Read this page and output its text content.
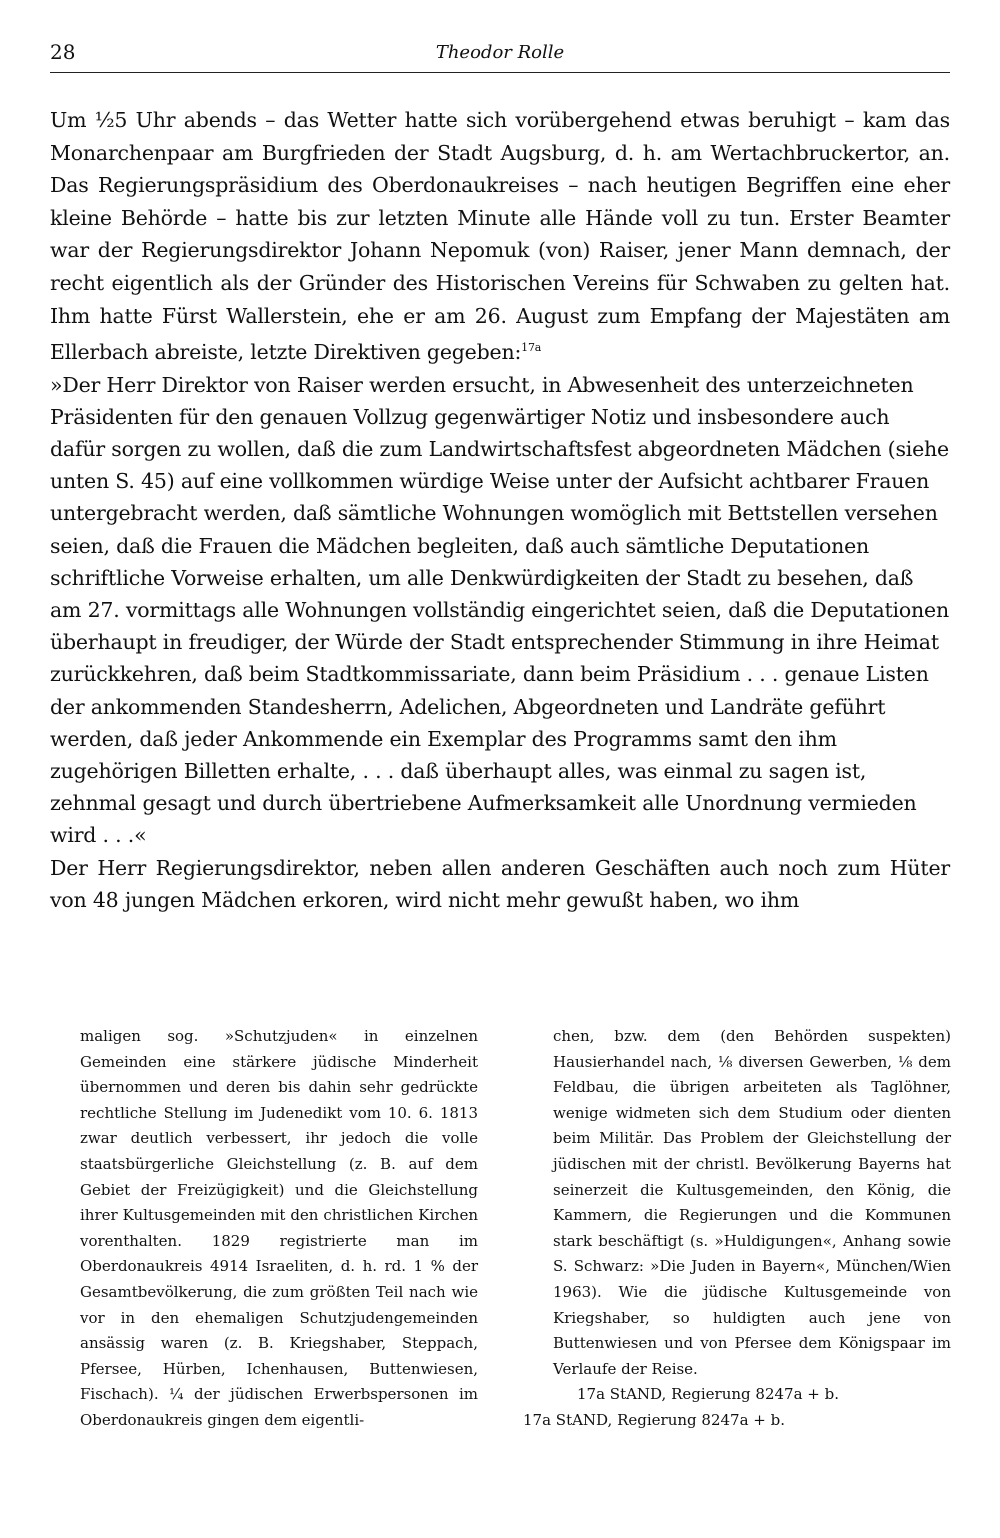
28	Theodor Rolle

Um ½5 Uhr abends – das Wetter hatte sich vorübergehend etwas beruhigt – kam das Monarchenpaar am Burgfrieden der Stadt Augsburg, d. h. am Wertachbruckertor, an. Das Regierungspräsidium des Oberdonaukreises – nach heutigen Begriffen eine eher kleine Behörde – hatte bis zur letzten Minute alle Hände voll zu tun. Erster Beamter war der Regierungsdirektor Johann Nepomuk (von) Raiser, jener Mann demnach, der recht eigentlich als der Gründer des Historischen Vereins für Schwaben zu gelten hat. Ihm hatte Fürst Wallerstein, ehe er am 26. August zum Empfang der Majestäten am Ellerbach abreiste, letzte Direktiven gegeben:$^{17a}$

»Der Herr Direktor von Raiser werden ersucht, in Abwesenheit des unterzeichneten Präsidenten für den genauen Vollzug gegenwärtiger Notiz und insbesondere auch dafür sorgen zu wollen, daß die zum Landwirtschaftsfest abgeordneten Mädchen (siehe unten S. 45) auf eine vollkommen würdige Weise unter der Aufsicht achtbarer Frauen untergebracht werden, daß sämtliche Wohnungen womöglich mit Bettstellen versehen seien, daß die Frauen die Mädchen begleiten, daß auch sämtliche Deputationen schriftliche Vorweise erhalten, um alle Denkwürdigkeiten der Stadt zu besehen, daß am 27. vormittags alle Wohnungen vollständig eingerichtet seien, daß die Deputationen überhaupt in freudiger, der Würde der Stadt entsprechender Stimmung in ihre Heimat zurückkehren, daß beim Stadtkommissariate, dann beim Präsidium . . . genaue Listen der ankommenden Standesherrn, Adelichen, Abgeordneten und Landräte geführt werden, daß jeder Ankommende ein Exemplar des Programms samt den ihm zugehörigen Billetten erhalte, . . . daß überhaupt alles, was einmal zu sagen ist, zehnmal gesagt und durch übertriebene Aufmerksamkeit alle Unordnung vermieden wird . . .«

Der Herr Regierungsdirektor, neben allen anderen Geschäften auch noch zum Hüter von 48 jungen Mädchen erkoren, wird nicht mehr gewußt haben, wo ihm

maligen sog. »Schutzjuden« in einzelnen Gemeinden eine stärkere jüdische Minderheit übernommen und deren bis dahin sehr gedrückte rechtliche Stellung im Judenedikt vom 10. 6. 1813 zwar deutlich verbessert, ihr jedoch die volle staatsbürgerliche Gleichstellung (z. B. auf dem Gebiet der Freizügigkeit) und die Gleichstellung ihrer Kultusgemeinden mit den christlichen Kirchen vorenthalten. 1829 registrierte man im Oberdonaukreis 4914 Israeliten, d. h. rd. 1 % der Gesamtbevölkerung, die zum größten Teil nach wie vor in den ehemaligen Schutzjudengemeinden ansässig waren (z. B. Kriegshaber, Steppach, Pfersee, Hürben, Ichenhausen, Buttenwiesen, Fischach). ¼ der jüdischen Erwerbspersonen im Oberdonaukreis gingen dem eigentli-

chen, bzw. dem (den Behörden suspekten) Hausierhandel nach, ⅛ diversen Gewerben, ⅛ dem Feldbau, die übrigen arbeiteten als Taglöhner, wenige widmeten sich dem Studium oder dienten beim Militär. Das Problem der Gleichstellung der jüdischen mit der christl. Bevölkerung Bayerns hat seinerzeit die Kultusgemeinden, den König, die Kammern, die Regierungen und die Kommunen stark beschäftigt (s. »Huldigungen«, Anhang sowie S. Schwarz: »Die Juden in Bayern«, München/Wien 1963). Wie die jüdische Kultusgemeinde von Kriegshaber, so huldigten auch jene von Buttenwiesen und von Pfersee dem Königspaar im Verlaufe der Reise.

17a StAND, Regierung 8247a + b.

17a StAND, Regierung 8247a + b.
